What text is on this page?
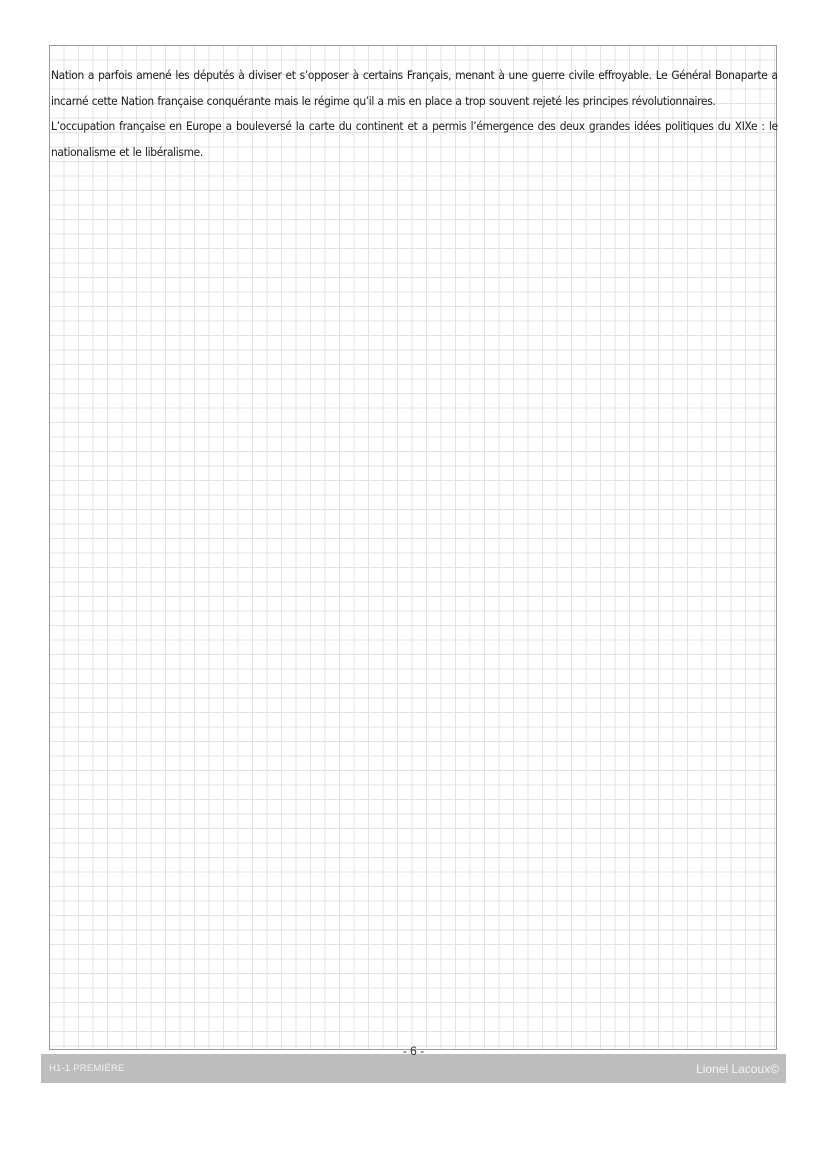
Nation a parfois amené les députés à diviser et s’opposer à certains Français, menant à une guerre civile effroyable. Le Général Bonaparte a incarné cette Nation française conquérante mais le régime qu’il a mis en place a trop souvent rejeté les principes révolutionnaires.

L’occupation française en Europe a bouleversé la carte du continent et a permis l’émergence des deux grandes idées politiques du XIXe : le nationalisme et le libéralisme.

H1-1 PREMIÈRE
- 6 -
Lionel Lacoux©
